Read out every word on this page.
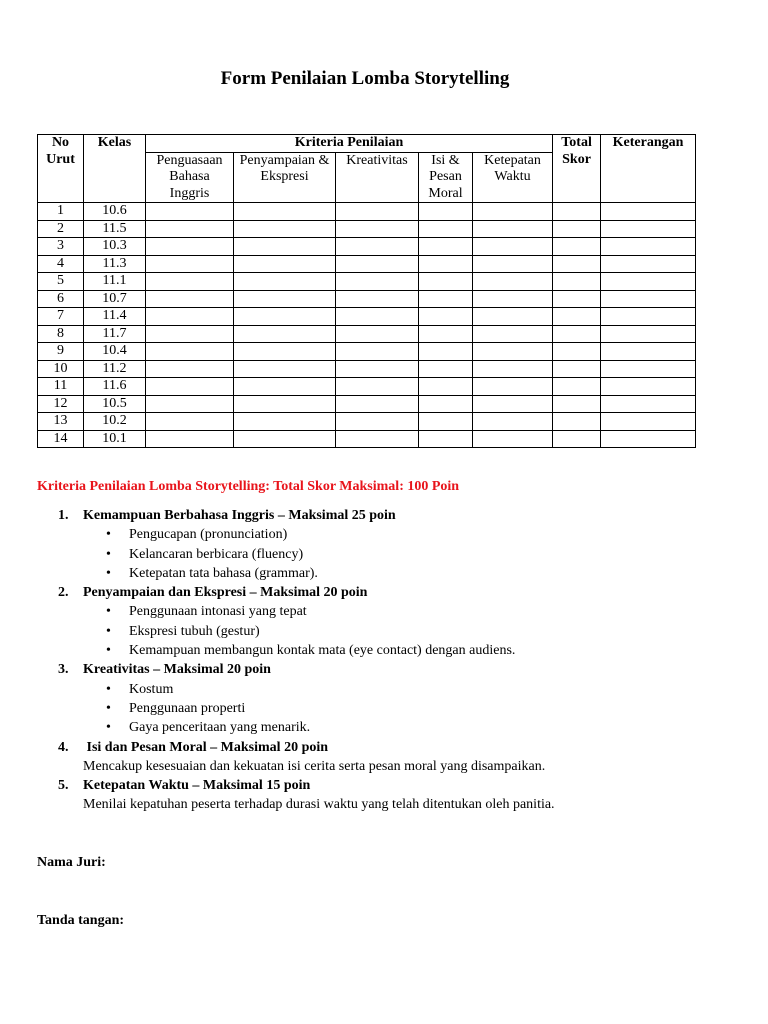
Form Penilaian Lomba Storytelling
No Urut	Kelas	Kriteria Penilaian					Total Skor	Keterangan
		Penguasaan Bahasa Inggris	Penyampaian & Ekspresi	Kreativitas	Isi & Pesan Moral	Ketepatan Waktu		
1	10.6							
2	11.5							
3	10.3							
4	11.3							
5	11.1							
6	10.7							
7	11.4							
8	11.7							
9	10.4							
10	11.2							
11	11.6							
12	10.5							
13	10.2							
14	10.1							
Kriteria Penilaian Lomba Storytelling: Total Skor Maksimal: 100 Poin
1. Kemampuan Berbahasa Inggris – Maksimal 25 poin
• Pengucapan (pronunciation)
• Kelancaran berbicara (fluency)
• Ketepatan tata bahasa (grammar).
2. Penyampaian dan Ekspresi – Maksimal 20 poin
• Penggunaan intonasi yang tepat
• Ekspresi tubuh (gestur)
• Kemampuan membangun kontak mata (eye contact) dengan audiens.
3. Kreativitas – Maksimal 20 poin
• Kostum
• Penggunaan properti
• Gaya penceritaan yang menarik.
4. Isi dan Pesan Moral – Maksimal 20 poin
Mencakup kesesuaian dan kekuatan isi cerita serta pesan moral yang disampaikan.
5. Ketepatan Waktu – Maksimal 15 poin
Menilai kepatuhan peserta terhadap durasi waktu yang telah ditentukan oleh panitia.
Nama Juri:
Tanda tangan:
